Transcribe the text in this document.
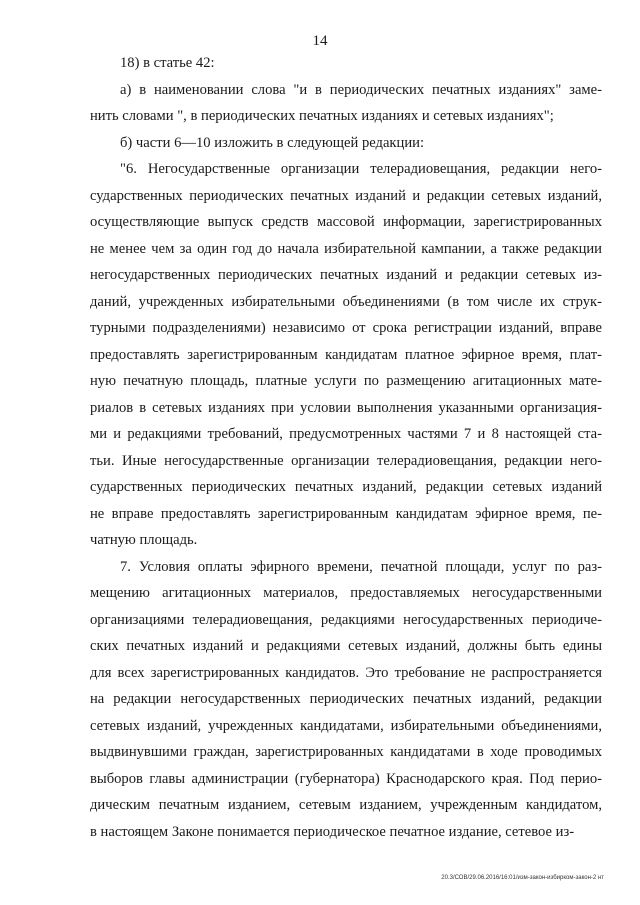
14
18) в статье 42:
а) в наименовании слова "и в периодических печатных изданиях" заме-
нить словами ", в периодических печатных изданиях и сетевых изданиях";
б) части 6—10 изложить в следующей редакции:
"6. Негосударственные организации телерадиовещания, редакции него-
сударственных периодических печатных изданий и редакции сетевых изданий,
осуществляющие выпуск средств массовой информации, зарегистрированных
не менее чем за один год до начала избирательной кампании, а также редакции
негосударственных периодических печатных изданий и редакции сетевых из-
даний, учрежденных избирательными объединениями (в том числе их струк-
турными подразделениями) независимо от срока регистрации изданий, вправе
предоставлять зарегистрированным кандидатам платное эфирное время, плат-
ную печатную площадь, платные услуги по размещению агитационных мате-
риалов в сетевых изданиях при условии выполнения указанными организация-
ми и редакциями требований, предусмотренных частями 7 и 8 настоящей ста-
тьи. Иные негосударственные организации телерадиовещания, редакции него-
сударственных периодических печатных изданий, редакции сетевых изданий
не вправе предоставлять зарегистрированным кандидатам эфирное время, пе-
чатную площадь.
7. Условия оплаты эфирного времени, печатной площади, услуг по раз-
мещению агитационных материалов, предоставляемых негосударственными
организациями телерадиовещания, редакциями негосударственных периодиче-
ских печатных изданий и редакциями сетевых изданий, должны быть едины
для всех зарегистрированных кандидатов. Это требование не распространяется
на редакции негосударственных периодических печатных изданий, редакции
сетевых изданий, учрежденных кандидатами, избирательными объединениями,
выдвинувшими граждан, зарегистрированных кандидатами в ходе проводимых
выборов главы администрации (губернатора) Краснодарского края. Под перио-
дическим печатным изданием, сетевым изданием, учрежденным кандидатом,
в настоящем Законе понимается периодическое печатное издание, сетевое из-
20.3/СОВ/29.06.2016/16:01/изм-закон-избирком-закон-2 нт
